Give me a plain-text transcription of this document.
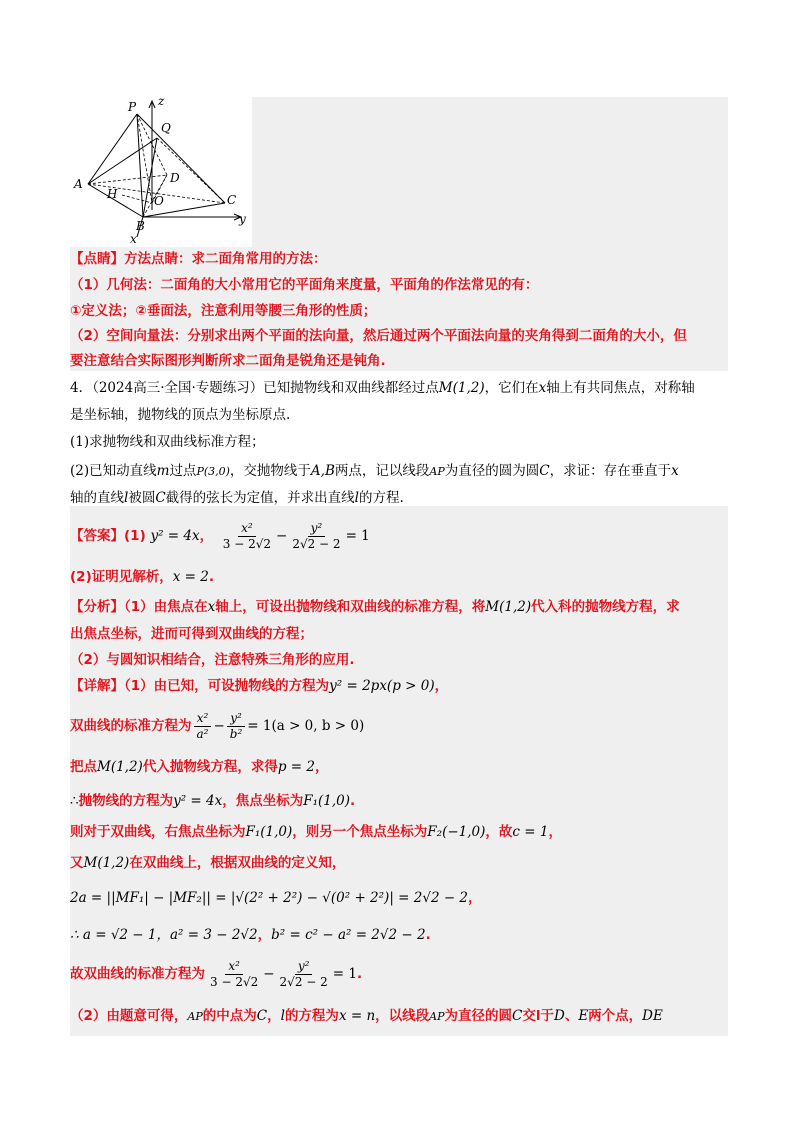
P z
Q
A	D
H	O	C
B	y
x
【点睛】方法点睛：求二面角常用的方法：
（1）几何法：二面角的大小常用它的平面角来度量，平面角的作法常见的有：
①定义法；②垂面法，注意利用等腰三角形的性质；
（2）空间向量法：分别求出两个平面的法向量，然后通过两个平面法向量的夹角得到二面角的大小，但
要注意结合实际图形判断所求二面角是锐角还是钝角.
4．（2024高三·全国·专题练习）已知抛物线和双曲线都经过点M(1,2)，它们在x轴上有共同焦点，对称轴
是坐标轴，抛物线的顶点为坐标原点.
(1)求抛物线和双曲线标准方程；
(2)已知动直线m过点P(3,0)，交抛物线于A,B两点，记以线段AP为直径的圆为圆C，求证：存在垂直于x
轴的直线l被圆C截得的弦长为定值，并求出直线l的方程.
【答案】(1) y² = 4x， $\frac{\text{x²}}{3 - 2√2} - \frac{\text{y²}}{2√2 - 2} = 1$
(2)证明见解析，x = 2.
【分析】（1）由焦点在x轴上，可设出抛物线和双曲线的标准方程，将M(1,2)代入科的抛物线方程，求
出焦点坐标，进而可得到双曲线的方程；
（2）与圆知识相结合，注意特殊三角形的应用.
【详解】（1）由已知，可设抛物线的方程为y² = 2px(p > 0)，
双曲线的标准方程为 $\frac{\text{x²}}{\text{a²}} - \frac{\text{y²}}{\text{b²}} = 1(a > 0$, b > 0)
把点M(1,2)代入抛物线方程，求得p = 2，
∴抛物线的方程为y² = 4x，焦点坐标为F₁(1,0).
则对于双曲线，右焦点坐标为F₁(1,0)，则另一个焦点坐标为F₂(−1,0)，故c = 1，
又M(1,2)在双曲线上，根据双曲线的定义知，
2a = ||MF₁| − |MF₂|| = |√(2² + 2²) − √(0² + 2²)| = 2√2 − 2，
∴ a = √2 − 1，a² = 3 − 2√2，b² = c² − a² = 2√2 − 2.
故双曲线的标准方程为 $\frac{\text{x²}}{3 - 2√2} - \frac{\text{y²}}{2√2 - 2} = 1$.
（2）由题意可得，AP的中点为C，l的方程为x = n，以线段AP为直径的圆C交l于D、E两个点，DE
